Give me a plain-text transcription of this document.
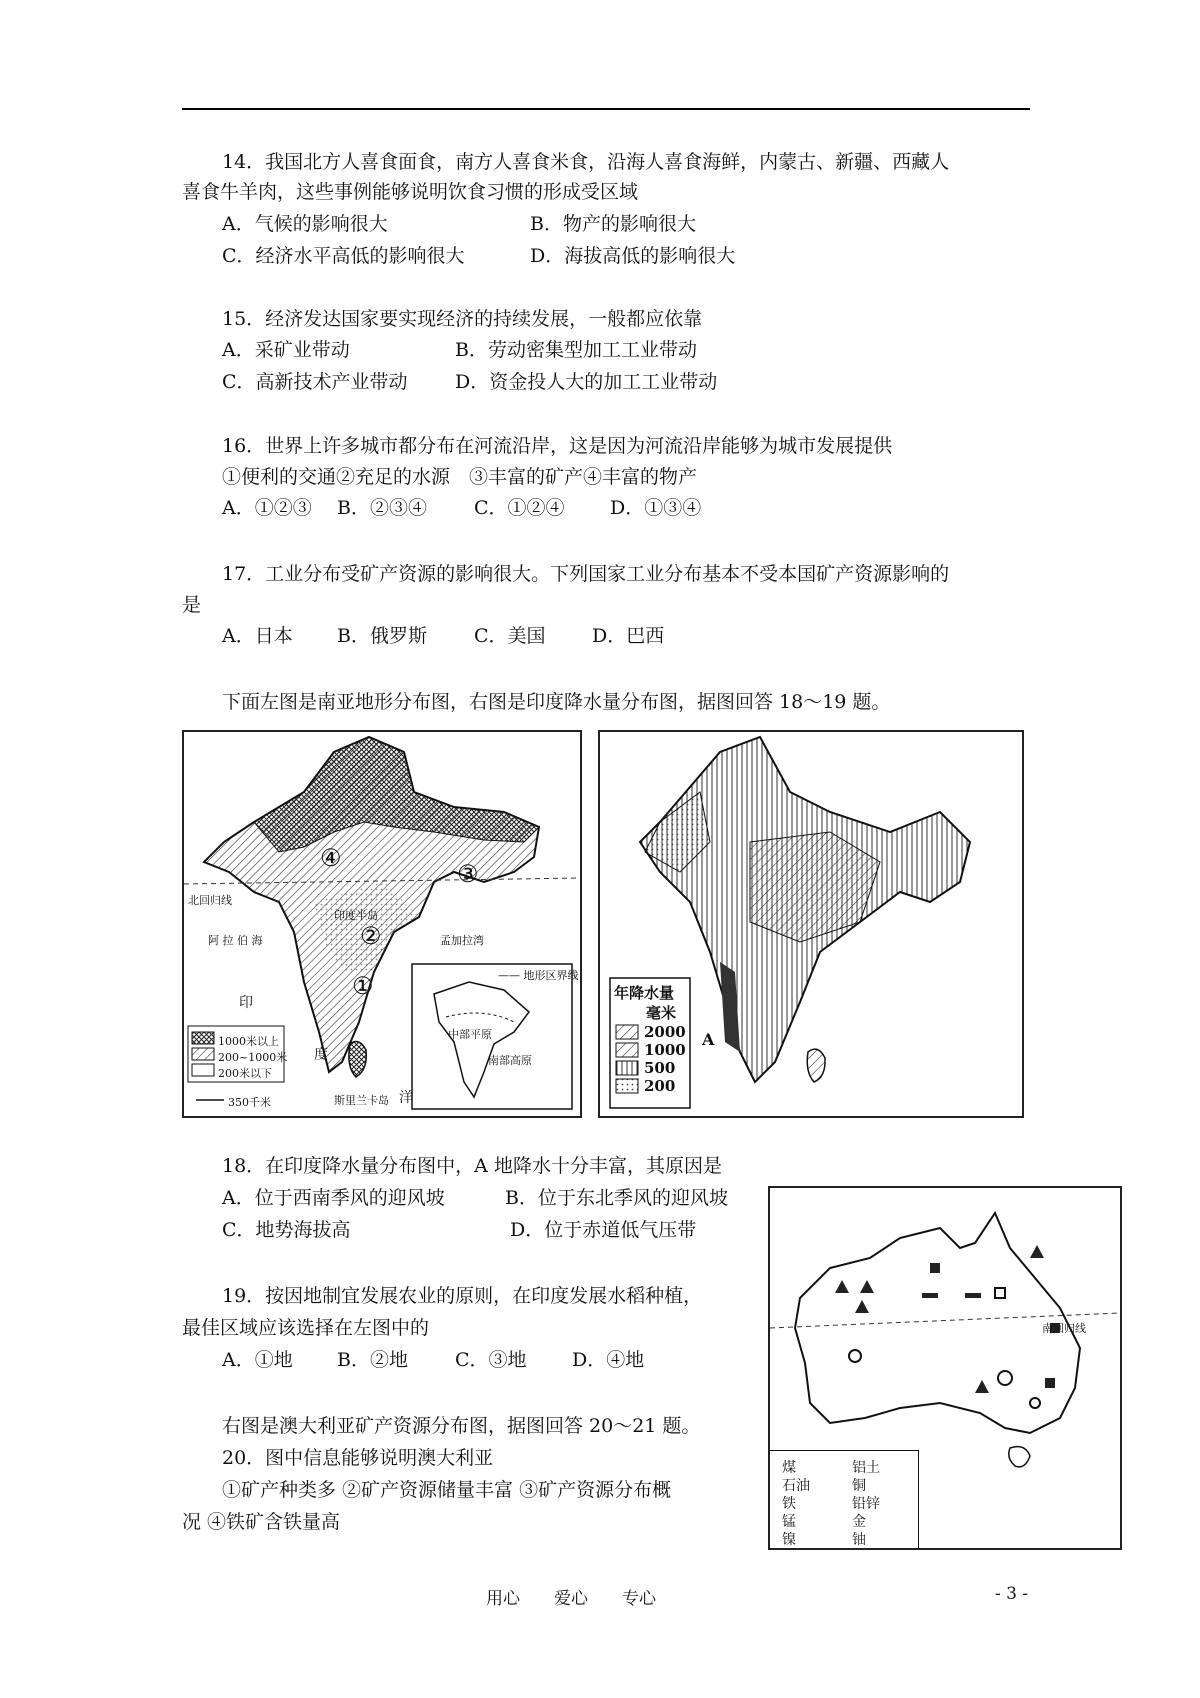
14．我国北方人喜食面食，南方人喜食米食，沿海人喜食海鲜，内蒙古、新疆、西藏人
喜食牛羊肉，这些事例能够说明饮食习惯的形成受区域
A．气候的影响很大	B．物产的影响很大
C．经济水平高低的影响很大	D．海拔高低的影响很大
15．经济发达国家要实现经济的持续发展，一般都应依靠
A．采矿业带动	B．劳动密集型加工工业带动
C．高新技术产业带动 D．资金投人大的加工工业带动
16．世界上许多城市都分布在河流沿岸，这是因为河流沿岸能够为城市发展提供
①便利的交通②充足的水源　③丰富的矿产④丰富的物产
A．①②③ B．②③④ C．①②④ D．①③④
17．工业分布受矿产资源的影响很大。下列国家工业分布基本不受本国矿产资源影响的
是
A．日本 B．俄罗斯 C．美国 D．巴西
下面左图是南亚地形分布图，右图是印度降水量分布图，据图回答 18～19 题。
北回归线
阿 拉 伯 海
印
度
洋
孟加拉湾
印度半岛
斯里兰卡岛
①
②
③
④
—— 地形区界线
中部平原
南部高原
1000米以上
200~1000米
200米以下
350千米
年降水量
毫米
2000
1000
500
200
A
18．在印度降水量分布图中，A 地降水十分丰富，其原因是
A．位于西南季风的迎风坡	B．位于东北季风的迎风坡
C．地势海拔高	D．位于赤道低气压带
19．按因地制宜发展农业的原则，在印度发展水稻种植，
最佳区域应该选择在左图中的
A．①地 B．②地 C．③地 D．④地
右图是澳大利亚矿产资源分布图，据图回答 20～21 题。
20．图中信息能够说明澳大利亚
①矿产种类多 ②矿产资源储量丰富 ③矿产资源分布概
况 ④铁矿含铁量高
南回归线
煤	铝土
石油	铜
铁	铅锌
锰	金
镍	铀
用心　　爱心　　专心	- 3 -
